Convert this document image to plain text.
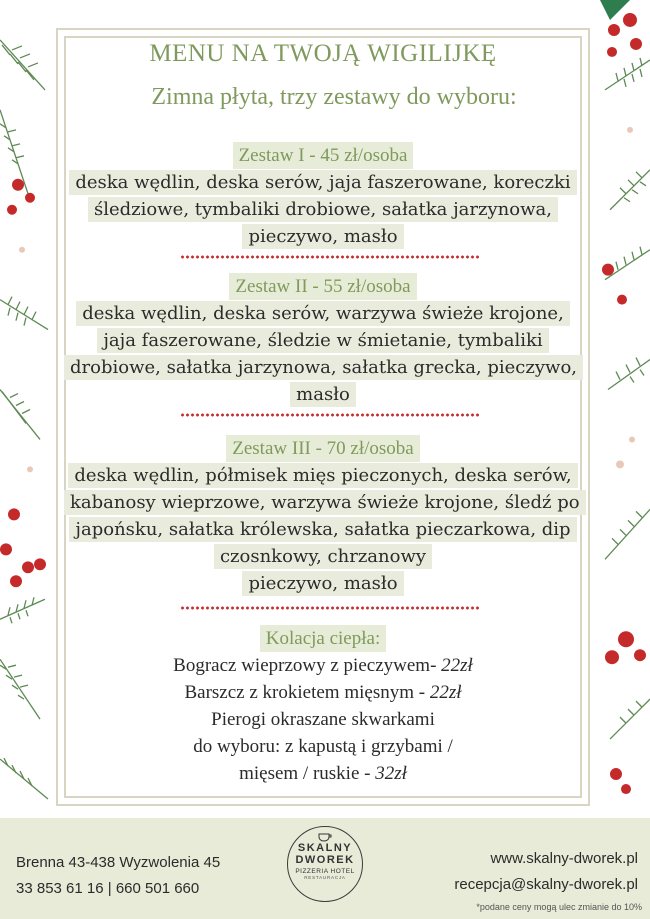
MENU NA TWOJĄ WIGILIJKĘ
Zimna płyta, trzy zestawy do wyboru:
Zestaw I - 45 zł/osoba
deska wędlin, deska serów, jaja faszerowane, koreczki
śledziowe, tymbaliki drobiowe, sałatka jarzynowa,
pieczywo, masło
Zestaw II - 55 zł/osoba
deska wędlin, deska serów, warzywa świeże krojone,
jaja faszerowane, śledzie w śmietanie, tymbaliki
drobiowe, sałatka jarzynowa, sałatka grecka, pieczywo,
masło
Zestaw III - 70 zł/osoba
deska wędlin, półmisek mięs pieczonych, deska serów,
kabanosy wieprzowe, warzywa świeże krojone, śledź po
japońsku, sałatka królewska, sałatka pieczarkowa, dip
czosnkowy, chrzanowy
pieczywo, masło
Kolacja ciepła:
Bogracz wieprzowy z pieczywem- 22zł
Barszcz z krokietem mięsnym - 22zł
Pierogi okraszane skwarkami
do wyboru: z kapustą i grzybami /
mięsem / ruskie - 32zł
Brenna 43-438 Wyzwolenia 45
33 853 61 16 | 660 501 660
SKALNY
DWOREK
PIZZERIA HOTEL
RESTAURACJA
www.skalny-dworek.pl
recepcja@skalny-dworek.pl
*podane ceny mogą ulec zmianie do 10%
